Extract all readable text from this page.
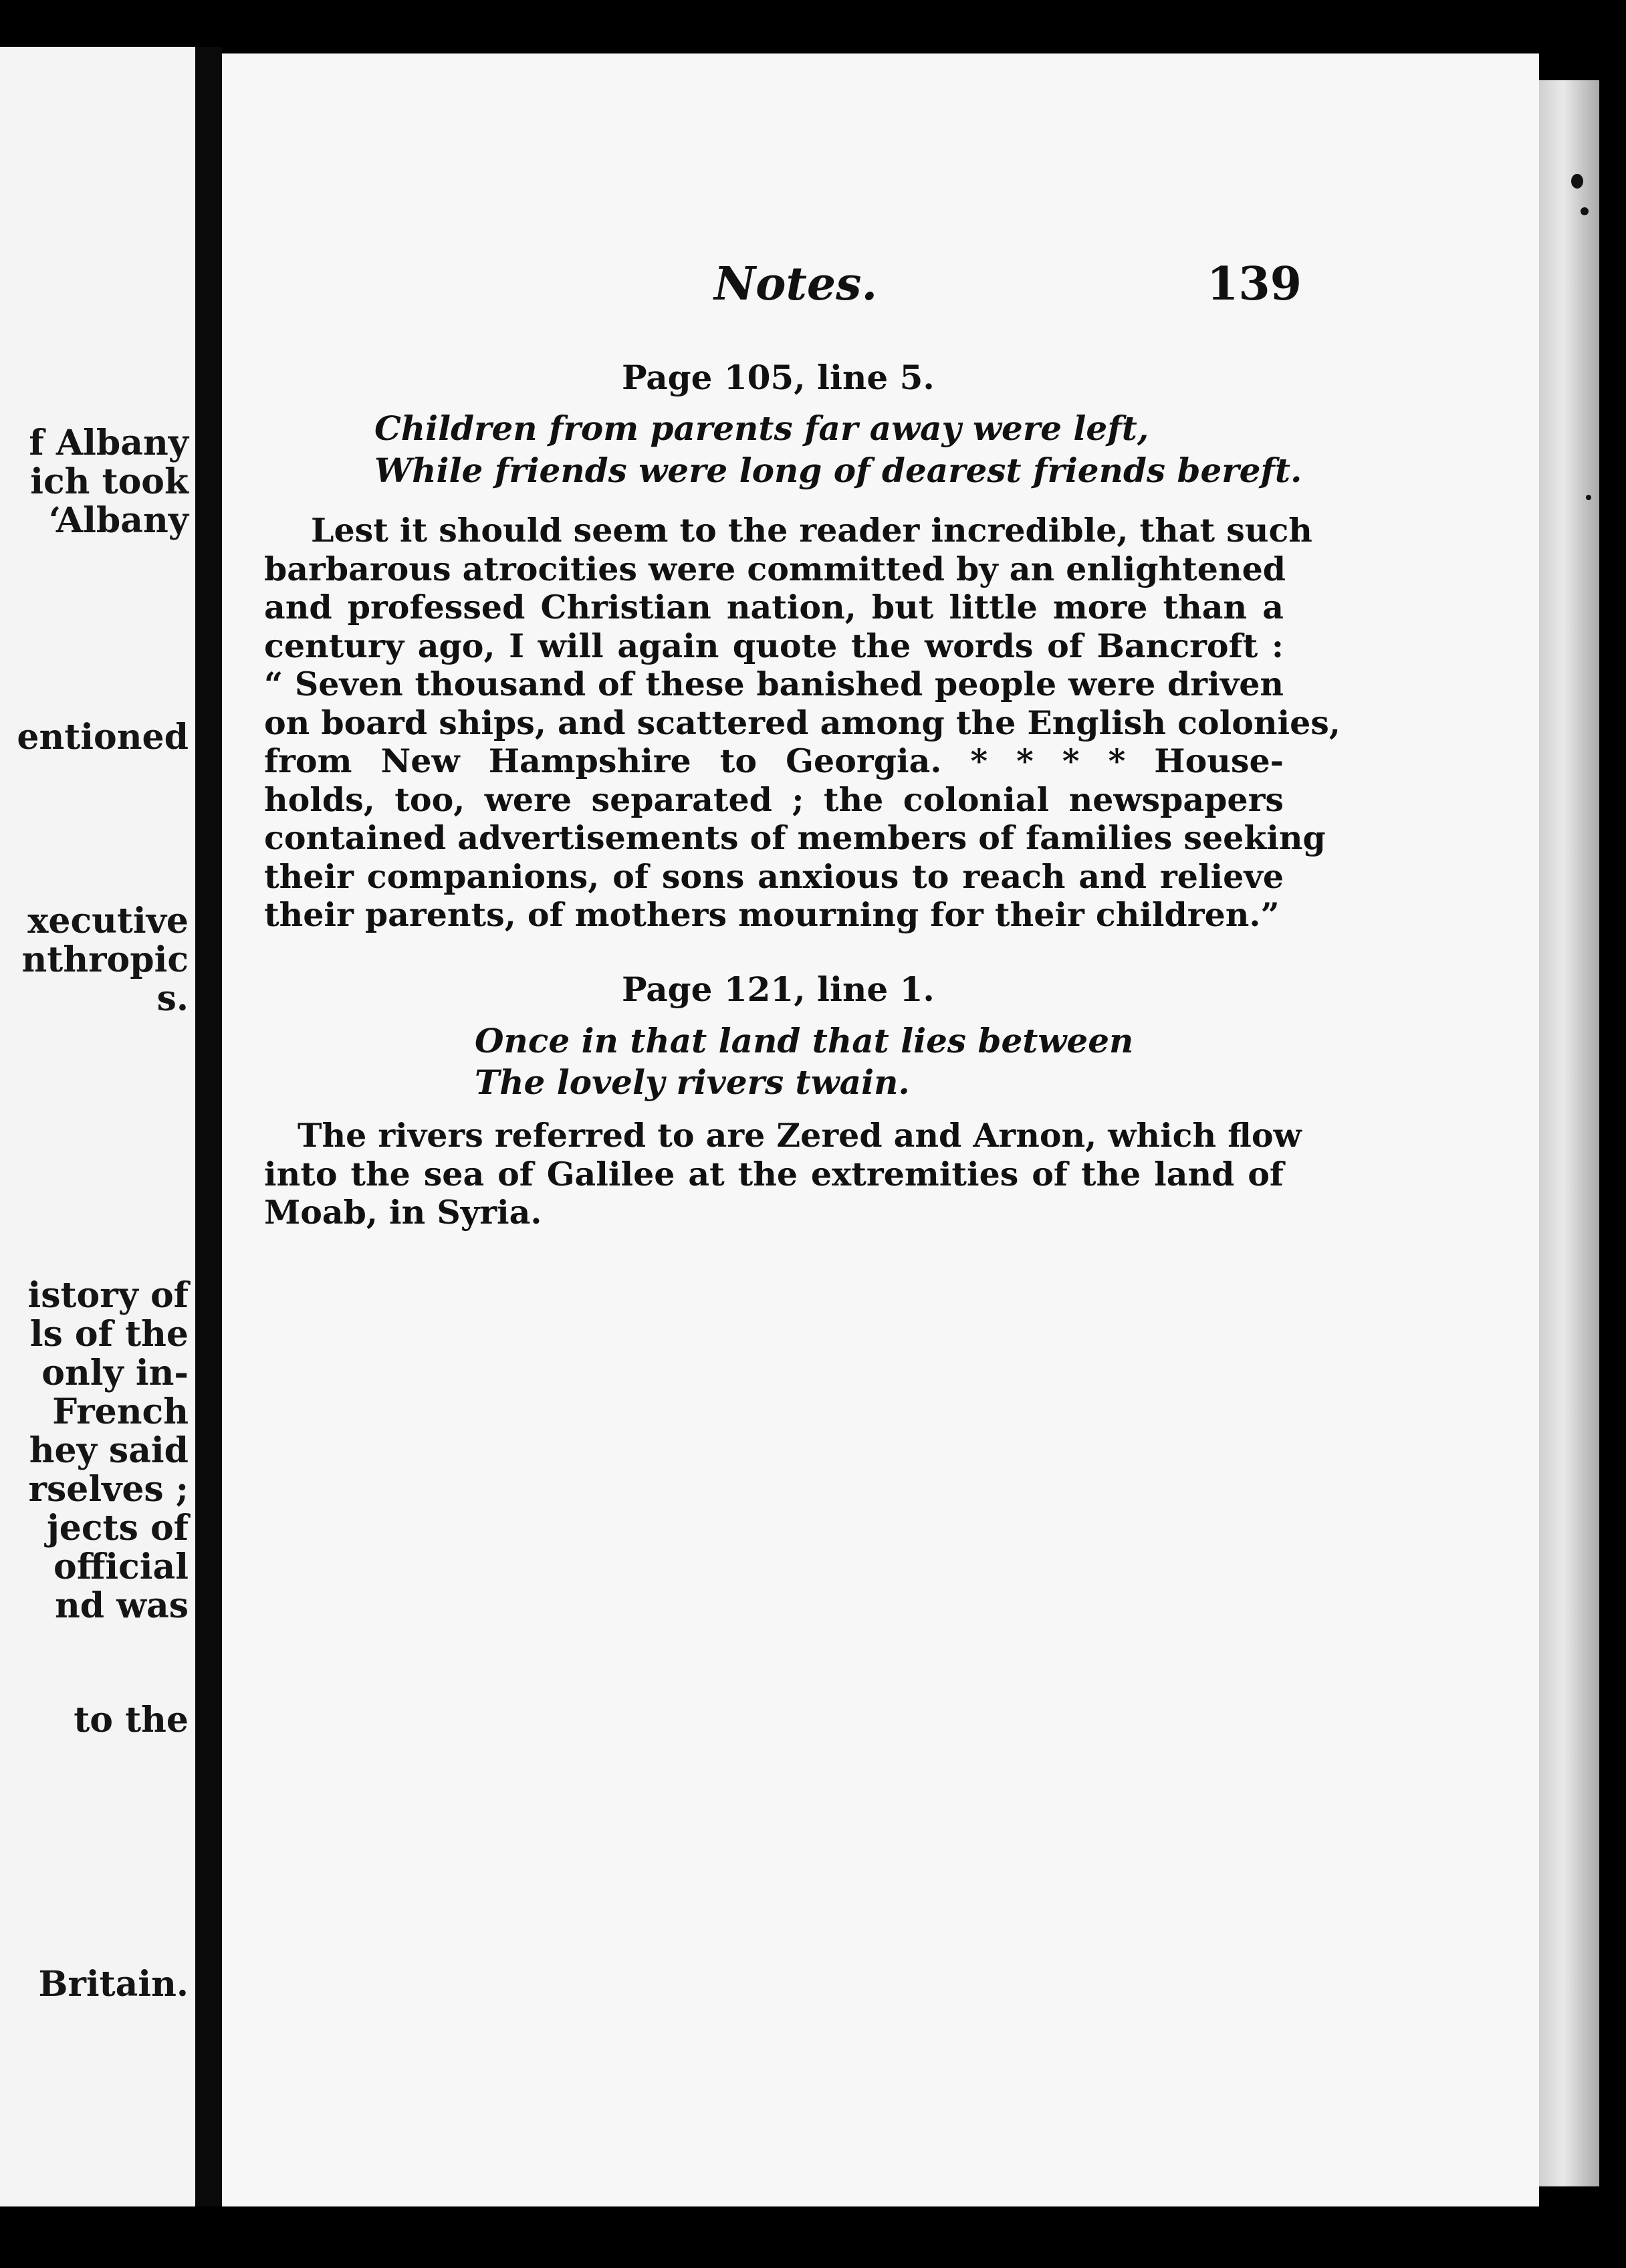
f Albany
ich took
ʻAlbany
entioned
xecutive
nthropic
s.
istory of
ls of the
only in-
French
hey said
rselves ;
jects of
official
nd was
to the
Britain.
Notes.	139
Page 105, line 5.
Children from parents far away were left,
While friends were long of dearest friends bereft.
Lest it should seem to the reader incredible, that such
barbarous atrocities were committed by an enlightened
and professed Christian nation, but little more than a
century ago, I will again quote the words of Bancroft :
“ Seven thousand of these banished people were driven
on board ships, and scattered among the English colonies,
from New Hampshire to Georgia. * * * * House-
holds, too, were separated ; the colonial newspapers
contained advertisements of members of families seeking
their companions, of sons anxious to reach and relieve
their parents, of mothers mourning for their children.”
Page 121, line 1.
Once in that land that lies between
The lovely rivers twain.
The rivers referred to are Zered and Arnon, which flow
into the sea of Galilee at the extremities of the land of
Moab, in Syria.
